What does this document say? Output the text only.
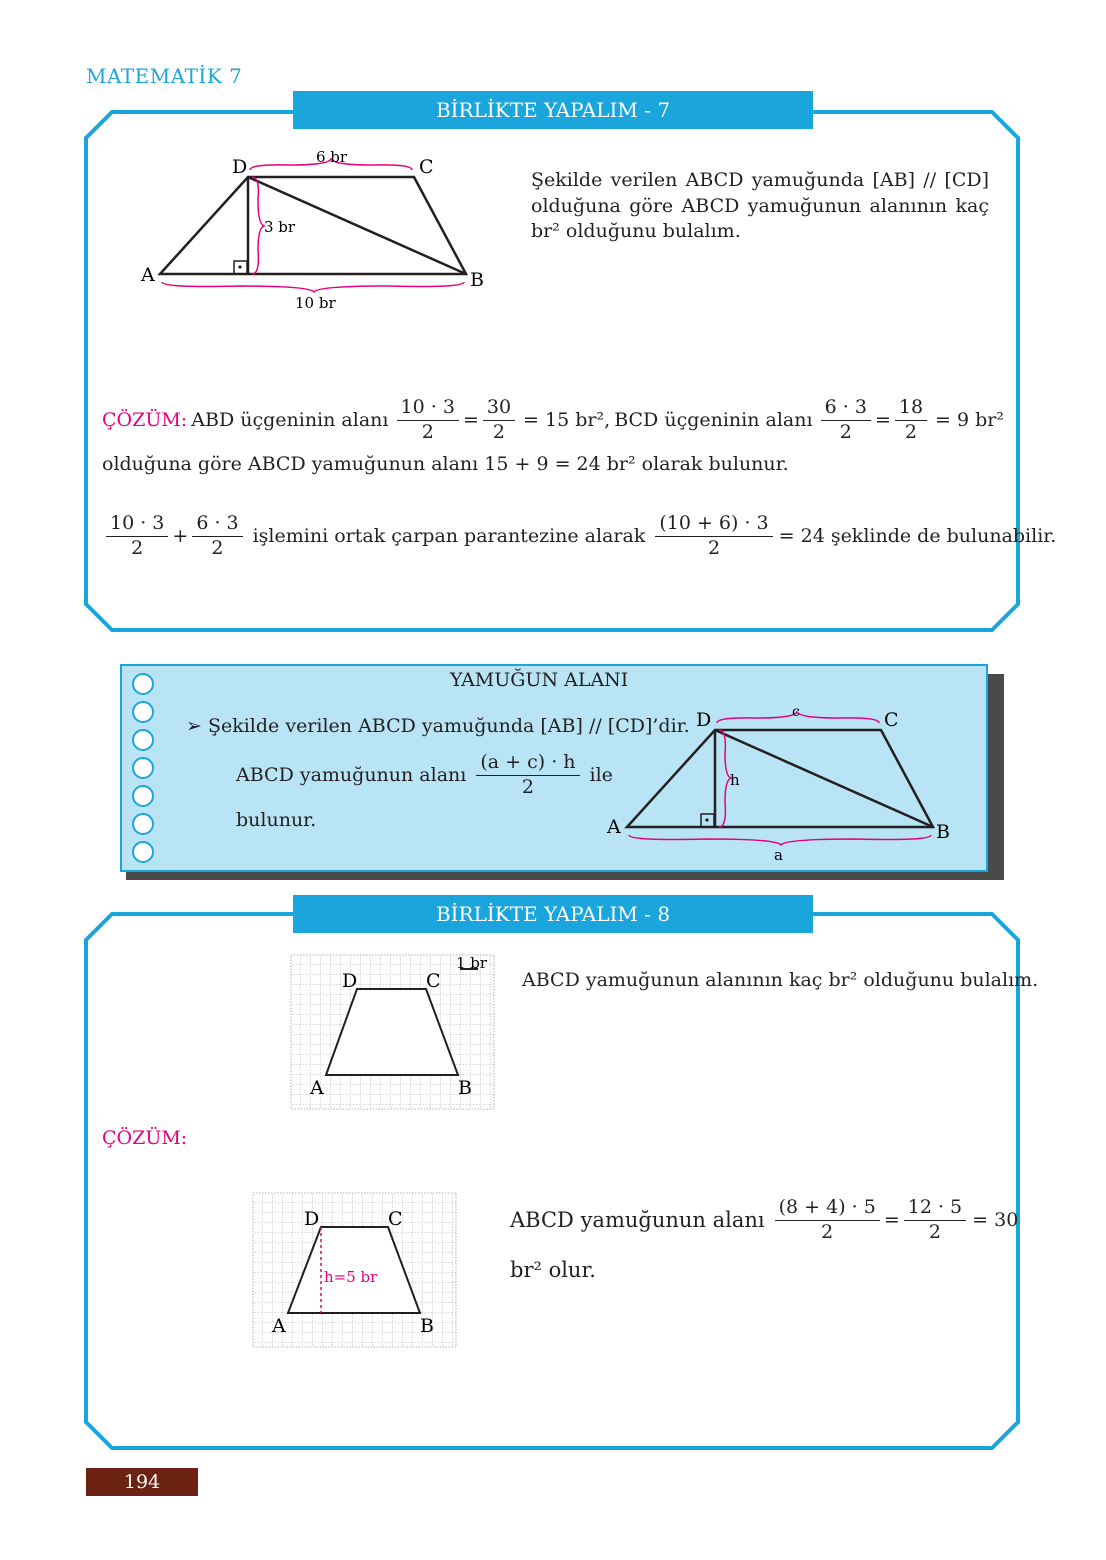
MATEMATİK 7
BİRLİKTE YAPALIM - 7
D	C
A	B
6 br
3 br
10 br
Şekilde verilen ABCD yamuğunda [AB] // [CD] olduğuna göre ABCD yamuğunun alanının kaç br² olduğunu bulalım.
ÇÖZÜM: ABD üçgeninin alanı $\frac{10 \cdot 3}{2} = \frac{30}{2} = 15$ br², BCD üçgeninin alanı $\frac{6 \cdot 3}{2} = \frac{18}{2} = 9$ br²
olduğuna göre ABCD yamuğunun alanı 15 + 9 = 24 br² olarak bulunur.
$\frac{10 \cdot 3}{2} + \frac{6 \cdot 3}{2}$ işlemini ortak çarpan parantezine alarak $\frac{(10 + 6) \cdot 3}{2} = 24$ şeklinde de bulunabilir.
YAMUĞUN ALANI
➢ Şekilde verilen ABCD yamuğunda [AB] // [CD]’dir.
ABCD yamuğunun alanı $\frac{(a + c) \cdot h}{2}$ ile
bulunur.
D	C
A	B
c
h
a
BİRLİKTE YAPALIM - 8
1 br
D	C
A	B
ABCD yamuğunun alanının kaç br² olduğunu bulalım.
ÇÖZÜM:
h=5 br
D	C
A	B
ABCD yamuğunun alanı $\frac{(8 + 4) \cdot 5}{2} = \frac{12 \cdot 5}{2} = 30$
br² olur.
194
